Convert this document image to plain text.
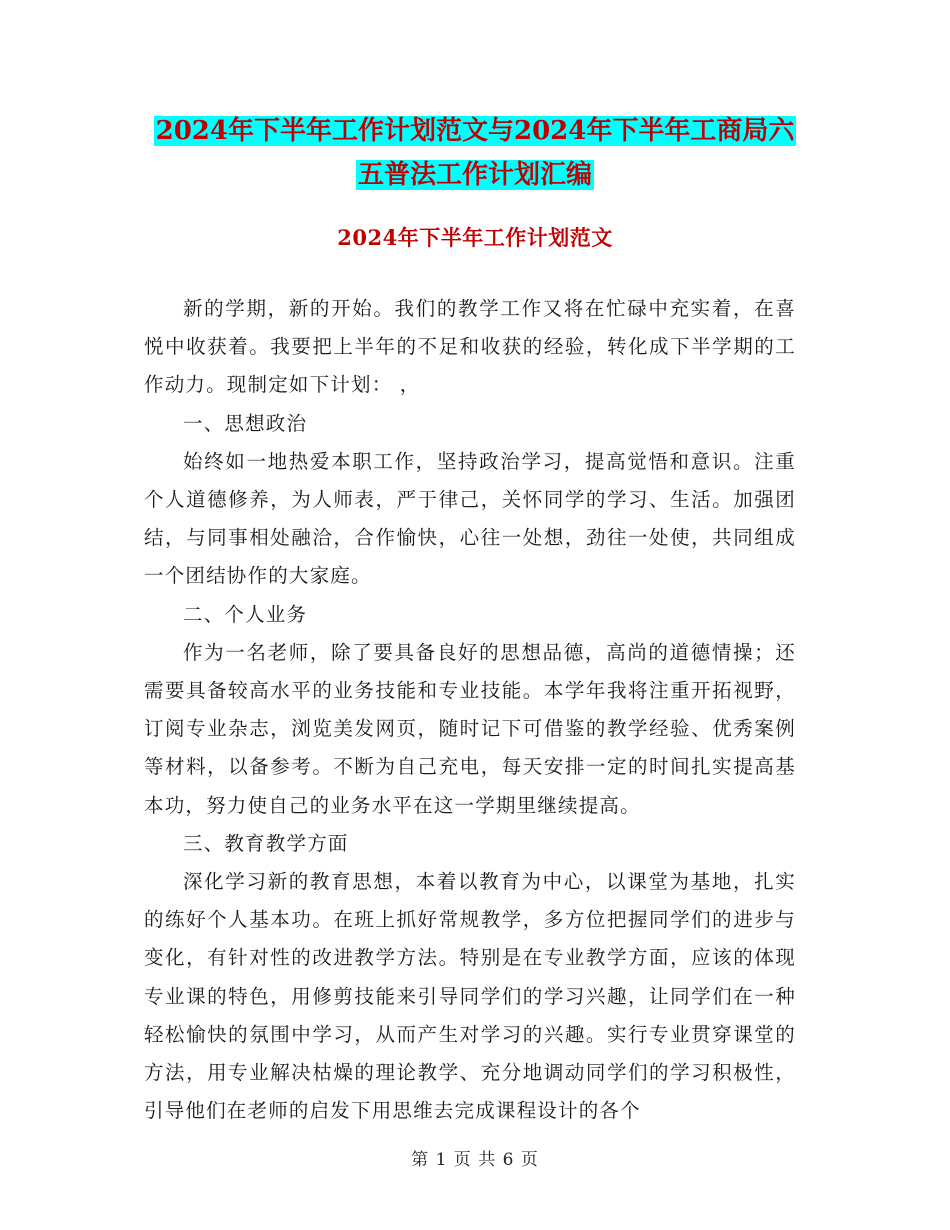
2024年下半年工作计划范文与2024年下半年工商局六
五普法工作计划汇编
2024年下半年工作计划范文

新的学期，新的开始。我们的教学工作又将在忙碌中充实着，在喜悦中收获着。我要把上半年的不足和收获的经验，转化成下半学期的工作动力。现制定如下计划： ，

一、思想政治

始终如一地热爱本职工作，坚持政治学习，提高觉悟和意识。注重个人道德修养，为人师表，严于律己，关怀同学的学习、生活。加强团结，与同事相处融洽，合作愉快，心往一处想，劲往一处使，共同组成一个团结协作的大家庭。

二、个人业务

作为一名老师，除了要具备良好的思想品德，高尚的道德情操；还需要具备较高水平的业务技能和专业技能。本学年我将注重开拓视野，订阅专业杂志，浏览美发网页，随时记下可借鉴的教学经验、优秀案例等材料，以备参考。不断为自己充电，每天安排一定的时间扎实提高基本功，努力使自己的业务水平在这一学期里继续提高。

三、教育教学方面

深化学习新的教育思想，本着以教育为中心，以课堂为基地，扎实的练好个人基本功。在班上抓好常规教学，多方位把握同学们的进步与变化，有针对性的改进教学方法。特别是在专业教学方面，应该的体现专业课的特色，用修剪技能来引导同学们的学习兴趣，让同学们在一种轻松愉快的氛围中学习，从而产生对学习的兴趣。实行专业贯穿课堂的方法，用专业解决枯燥的理论教学、充分地调动同学们的学习积极性，引导他们在老师的启发下用思维去完成课程设计的各个

第 1 页 共 6 页
